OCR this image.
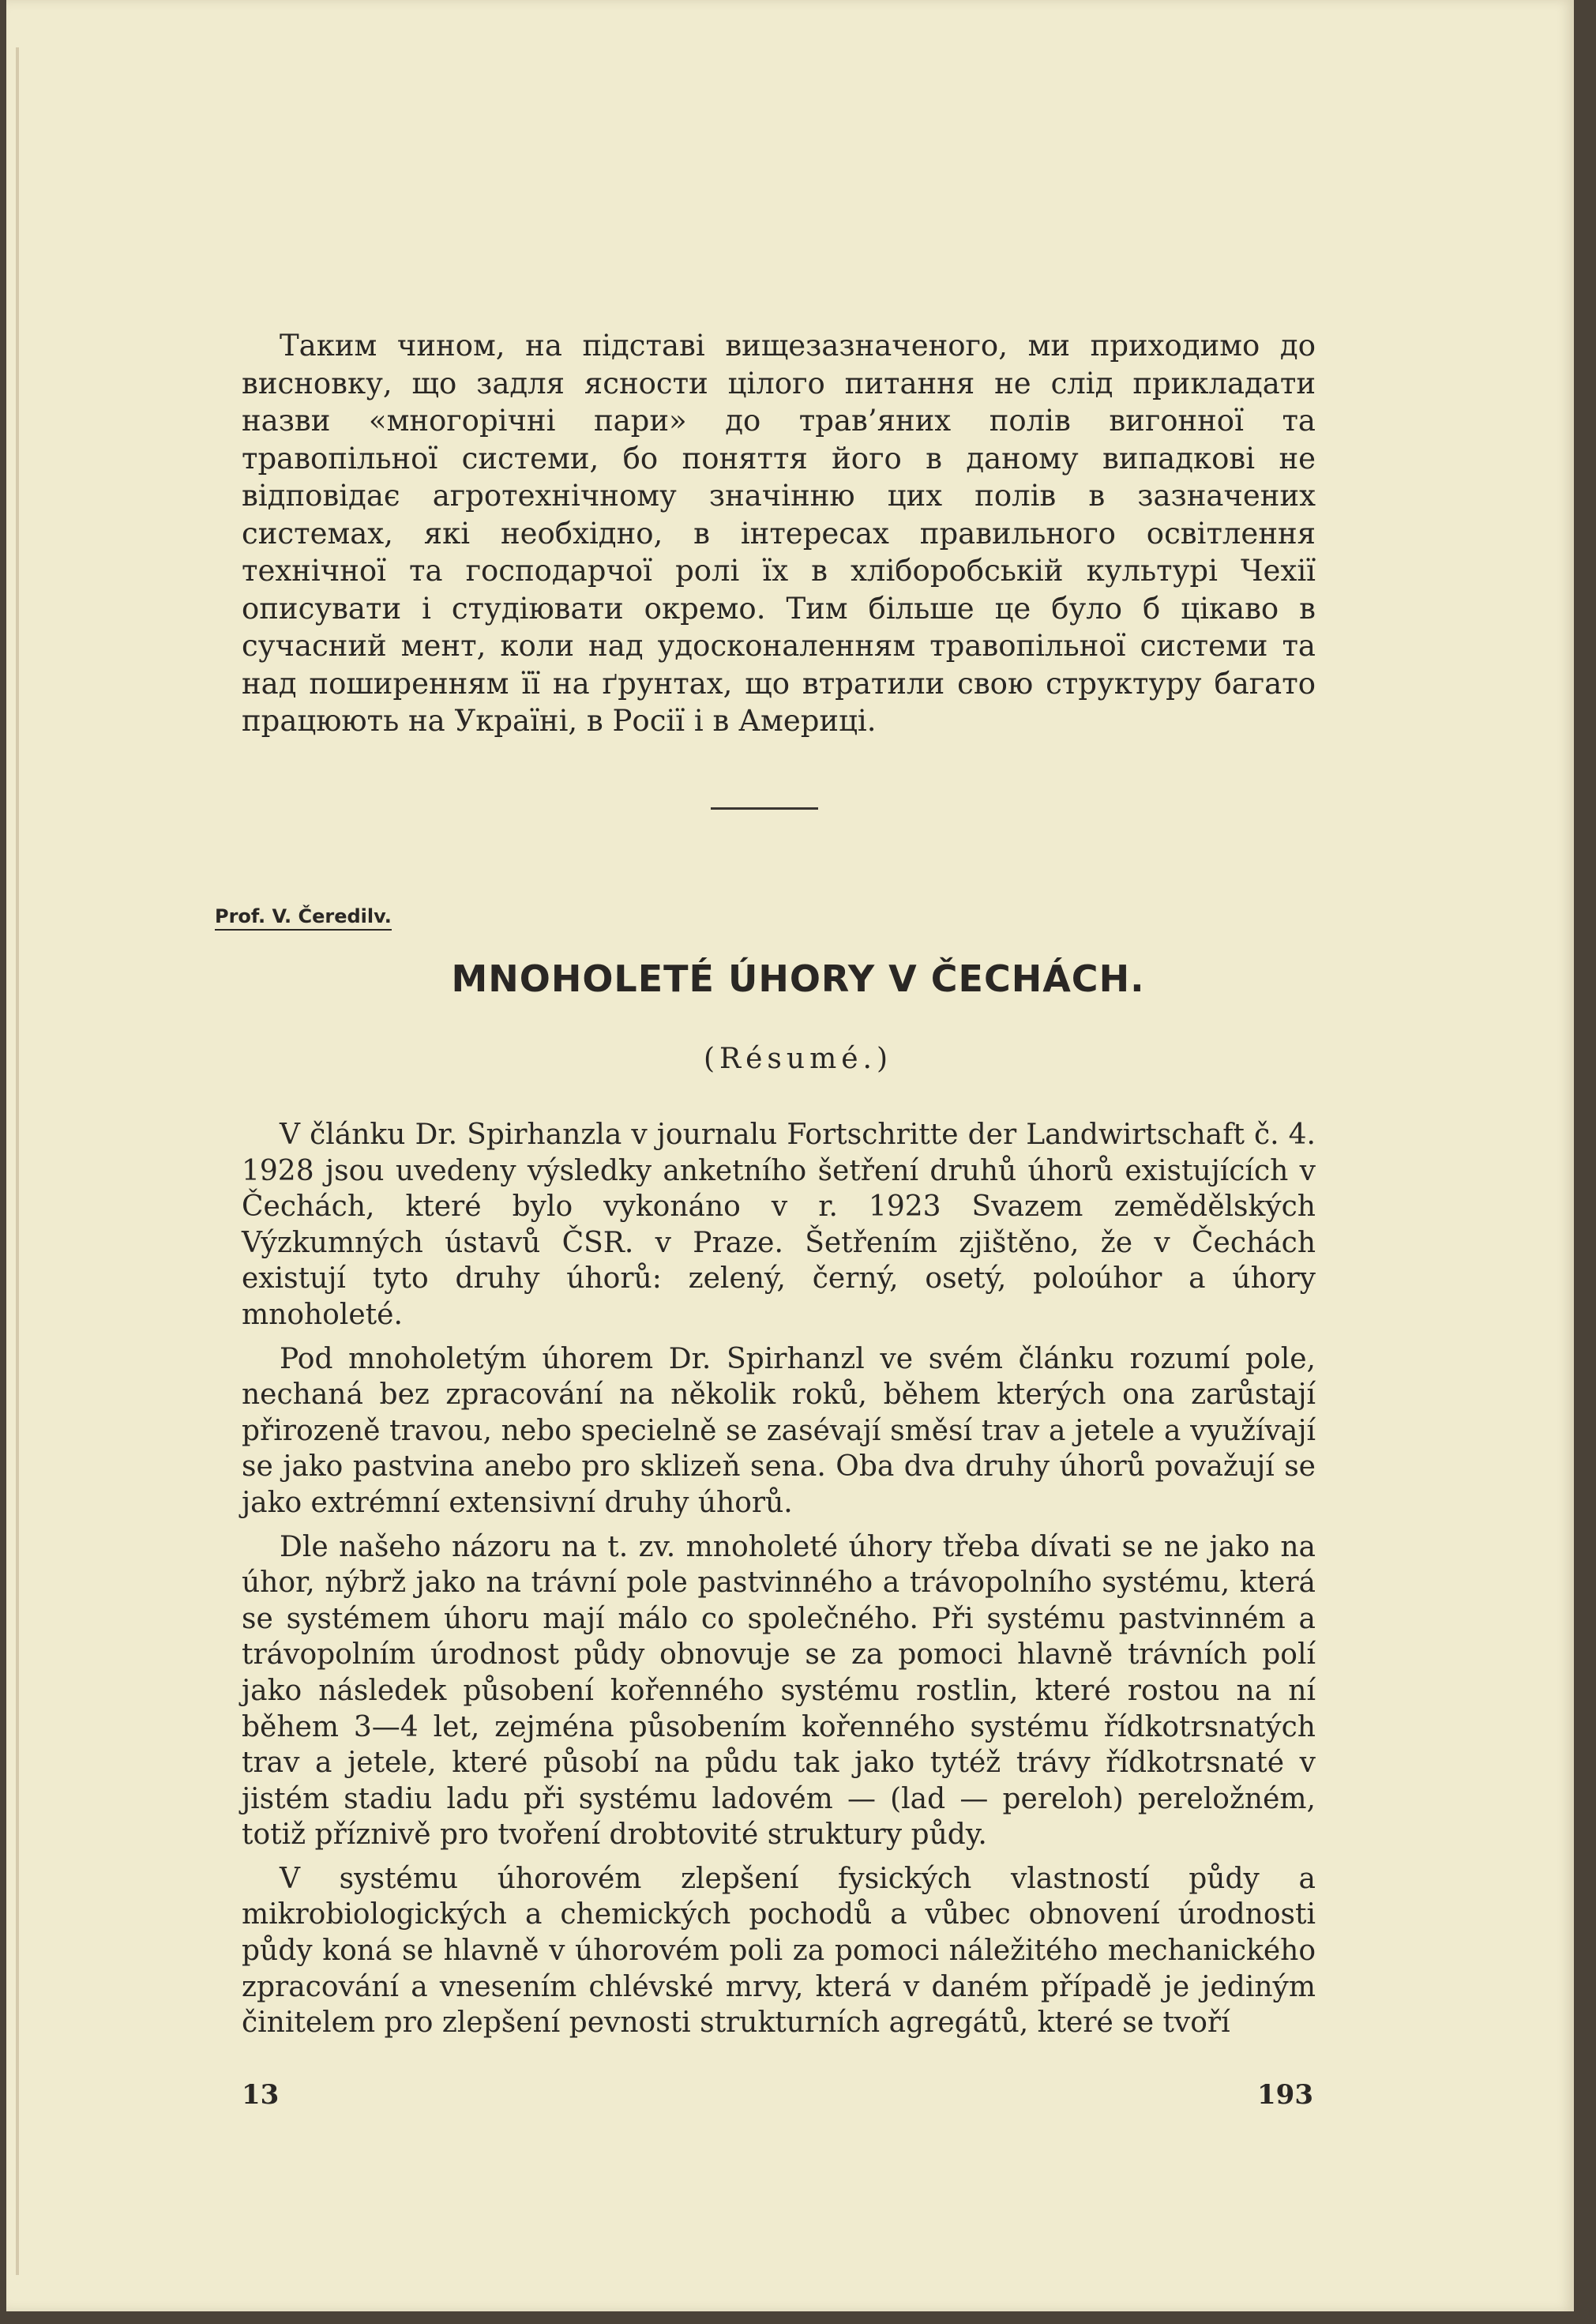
Таким чином, на підставі вищезазначеного, ми приходимо до висновку, що задля ясности цілого питання не слід прикладати назви «многорічні пари» до трав’яних полів вигонної та травопільної системи, бо поняття його в даному випадкові не відповідає агротехнічному значінню цих полів в зазначених системах, які необхідно, в інтересах правильного освітлення технічної та господарчої ролі їх в хліборобській культурі Чехії описувати і студіювати окремо. Тим більше це було б цікаво в сучасний мент, коли над удосконаленням травопільної системи та над поширенням її на ґрунтах, що втратили свою структуру багато працюють на Україні, в Росії і в Америці.

Prof. V. Čeredilv.
MNOHOLETÉ ÚHORY V ČECHÁCH.
(Résumé.)

V článku Dr. Spirhanzla v journalu Fortschritte der Landwirtschaft č. 4. 1928 jsou uvedeny výsledky anketního šetření druhů úhorů existujících v Čechách, které bylo vykonáno v r. 1923 Svazem zemědělských Výzkumných ústavů ČSR. v Praze. Šetřením zjištěno, že v Čechách existují tyto druhy úhorů: zelený, černý, osetý, poloúhor a úhory mnoholeté.

Pod mnoholetým úhorem Dr. Spirhanzl ve svém článku rozumí pole, nechaná bez zpracování na několik roků, během kterých ona zarůstají přirozeně travou, nebo specielně se zasévají směsí trav a jetele a využívají se jako pastvina anebo pro sklizeň sena. Oba dva druhy úhorů považují se jako extrémní extensivní druhy úhorů.

Dle našeho názoru na t. zv. mnoholeté úhory třeba dívati se ne jako na úhor, nýbrž jako na trávní pole pastvinného a trávopolního systému, která se systémem úhoru mají málo co společného. Při systému pastvinném a trávopolním úrodnost půdy obnovuje se za pomoci hlavně trávních polí jako následek působení kořenného systému rostlin, které rostou na ní během 3—4 let, zejména působením kořenného systému řídkotrsnatých trav a jetele, které působí na půdu tak jako tytéž trávy řídkotrsnaté v jistém stadiu ladu při systému ladovém — (lad — pereloh) pereložném, totiž příznivě pro tvoření drobtovité struktury půdy.

V systému úhorovém zlepšení fysických vlastností půdy a mikrobiologických a chemických pochodů a vůbec obnovení úrodnosti půdy koná se hlavně v úhorovém poli za pomoci náležitého mechanického zpracování a vnesením chlévské mrvy, která v daném případě je jediným činitelem pro zlepšení pevnosti strukturních agregátů, které se tvoří

13	193
